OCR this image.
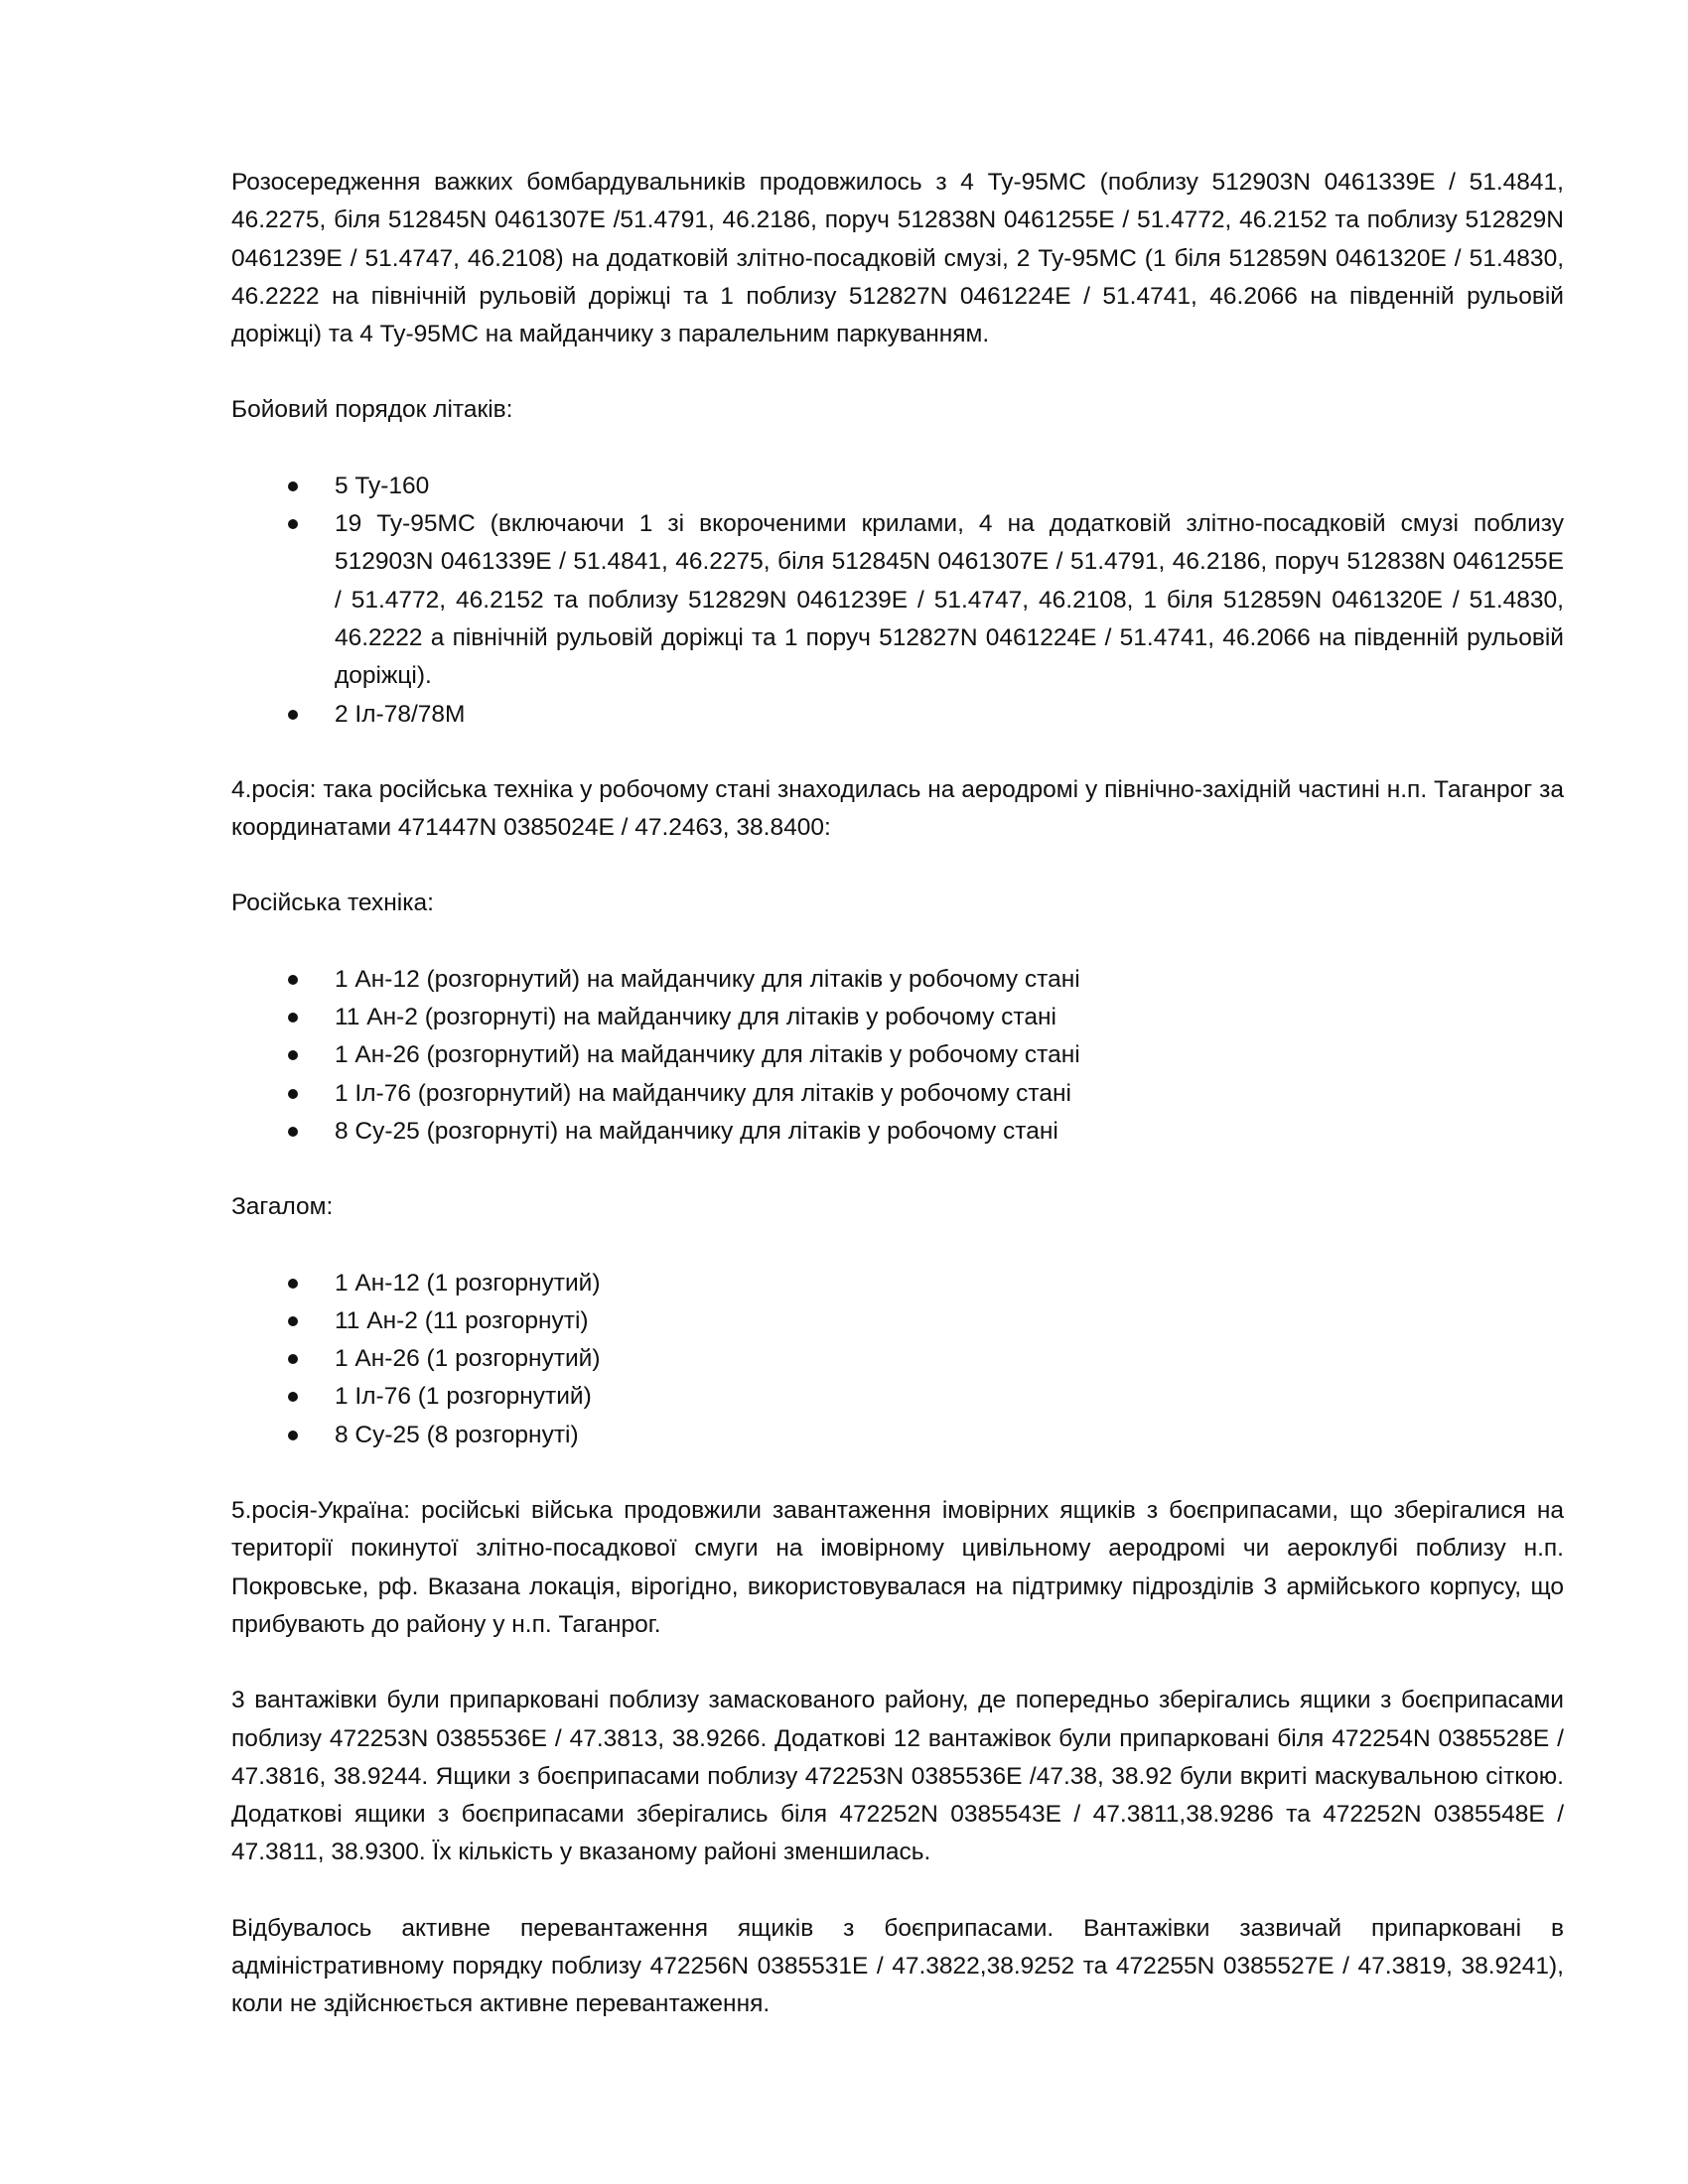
Розосередження важких бомбардувальників продовжилось з 4 Ту-95МС (поблизу 512903N 0461339E / 51.4841, 46.2275, біля 512845N 0461307E /51.4791, 46.2186, поруч 512838N 0461255E / 51.4772, 46.2152 та поблизу 512829N 0461239E / 51.4747, 46.2108) на додатковій злітно-посадковій смузі, 2 Ту-95МС (1 біля 512859N 0461320E / 51.4830, 46.2222 на північній рульовій доріжці та 1 поблизу 512827N 0461224E / 51.4741, 46.2066 на південній рульовій доріжці) та 4 Ту-95МС на майданчику з паралельним паркуванням.

Бойовий порядок літаків:

5 Ту-160
19 Ту-95МС (включаючи 1 зі вкороченими крилами, 4 на додатковій злітно-посадковій смузі поблизу 512903N 0461339E / 51.4841, 46.2275, біля 512845N 0461307E / 51.4791, 46.2186, поруч 512838N 0461255E / 51.4772, 46.2152 та поблизу 512829N 0461239E / 51.4747, 46.2108, 1 біля 512859N 0461320E / 51.4830, 46.2222 а північній рульовій доріжці та 1 поруч 512827N 0461224E / 51.4741, 46.2066 на південній рульовій доріжці).
2 Іл-78/78М

4.росія: така російська техніка у робочому стані знаходилась на аеродромі у північно-західній частині н.п. Таганрог за координатами 471447N 0385024E / 47.2463, 38.8400:

Російська техніка:

1 Ан-12 (розгорнутий) на майданчику для літаків у робочому стані
11 Ан-2 (розгорнуті) на майданчику для літаків у робочому стані
1 Ан-26 (розгорнутий) на майданчику для літаків у робочому стані
1 Іл-76 (розгорнутий) на майданчику для літаків у робочому стані
8 Су-25 (розгорнуті) на майданчику для літаків у робочому стані

Загалом:

1 Ан-12 (1 розгорнутий)
11 Ан-2 (11 розгорнуті)
1 Ан-26 (1 розгорнутий)
1 Іл-76 (1 розгорнутий)
8 Су-25 (8 розгорнуті)

5.росія-Україна: російські війська продовжили завантаження імовірних ящиків з боєприпасами, що зберігалися на території покинутої злітно-посадкової смуги на імовірному цивільному аеродромі чи аероклубі поблизу н.п. Покровське, рф. Вказана локація, вірогідно, використовувалася на підтримку підрозділів 3 армійського корпусу, що прибувають до району у н.п. Таганрог.

3 вантажівки були припарковані поблизу замаскованого району, де попередньо зберігались ящики з боєприпасами поблизу 472253N 0385536E / 47.3813, 38.9266. Додаткові 12 вантажівок були припарковані біля 472254N 0385528E / 47.3816, 38.9244. Ящики з боєприпасами поблизу 472253N 0385536E /47.38, 38.92 були вкриті маскувальною сіткою. Додаткові ящики з боєприпасами зберігались біля 472252N 0385543E / 47.3811,38.9286 та 472252N 0385548E / 47.3811, 38.9300. Їх кількість у вказаному районі зменшилась.

Відбувалось активне перевантаження ящиків з боєприпасами. Вантажівки зазвичай припарковані в адміністративному порядку поблизу 472256N 0385531E / 47.3822,38.9252 та 472255N 0385527E / 47.3819, 38.9241), коли не здійснюється активне перевантаження.
